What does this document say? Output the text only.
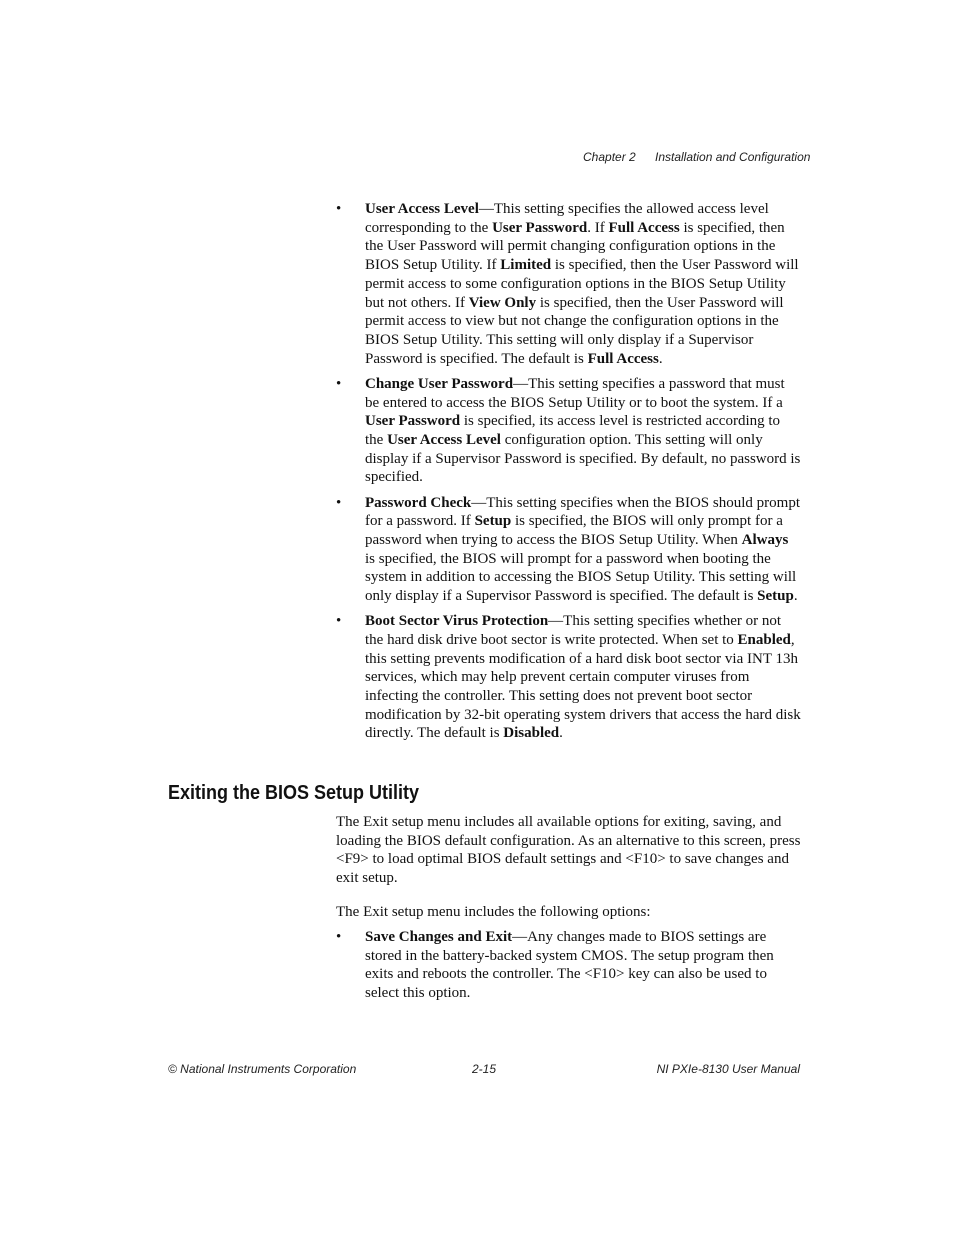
Chapter 2 Installation and Configuration
• User Access Level—This setting specifies the allowed access level corresponding to the User Password. If Full Access is specified, then the User Password will permit changing configuration options in the BIOS Setup Utility. If Limited is specified, then the User Password will permit access to some configuration options in the BIOS Setup Utility but not others. If View Only is specified, then the User Password will permit access to view but not change the configuration options in the BIOS Setup Utility. This setting will only display if a Supervisor Password is specified. The default is Full Access.
• Change User Password—This setting specifies a password that must be entered to access the BIOS Setup Utility or to boot the system. If a User Password is specified, its access level is restricted according to the User Access Level configuration option. This setting will only display if a Supervisor Password is specified. By default, no password is specified.
• Password Check—This setting specifies when the BIOS should prompt for a password. If Setup is specified, the BIOS will only prompt for a password when trying to access the BIOS Setup Utility. When Always is specified, the BIOS will prompt for a password when booting the system in addition to accessing the BIOS Setup Utility. This setting will only display if a Supervisor Password is specified. The default is Setup.
• Boot Sector Virus Protection—This setting specifies whether or not the hard disk drive boot sector is write protected. When set to Enabled, this setting prevents modification of a hard disk boot sector via INT 13h services, which may help prevent certain computer viruses from infecting the controller. This setting does not prevent boot sector modification by 32-bit operating system drivers that access the hard disk directly. The default is Disabled.
Exiting the BIOS Setup Utility

The Exit setup menu includes all available options for exiting, saving, and loading the BIOS default configuration. As an alternative to this screen, press <F9> to load optimal BIOS default settings and <F10> to save changes and exit setup.

The Exit setup menu includes the following options:

• Save Changes and Exit—Any changes made to BIOS settings are stored in the battery-backed system CMOS. The setup program then exits and reboots the controller. The <F10> key can also be used to select this option.
© National Instruments Corporation	2-15	NI PXIe-8130 User Manual
